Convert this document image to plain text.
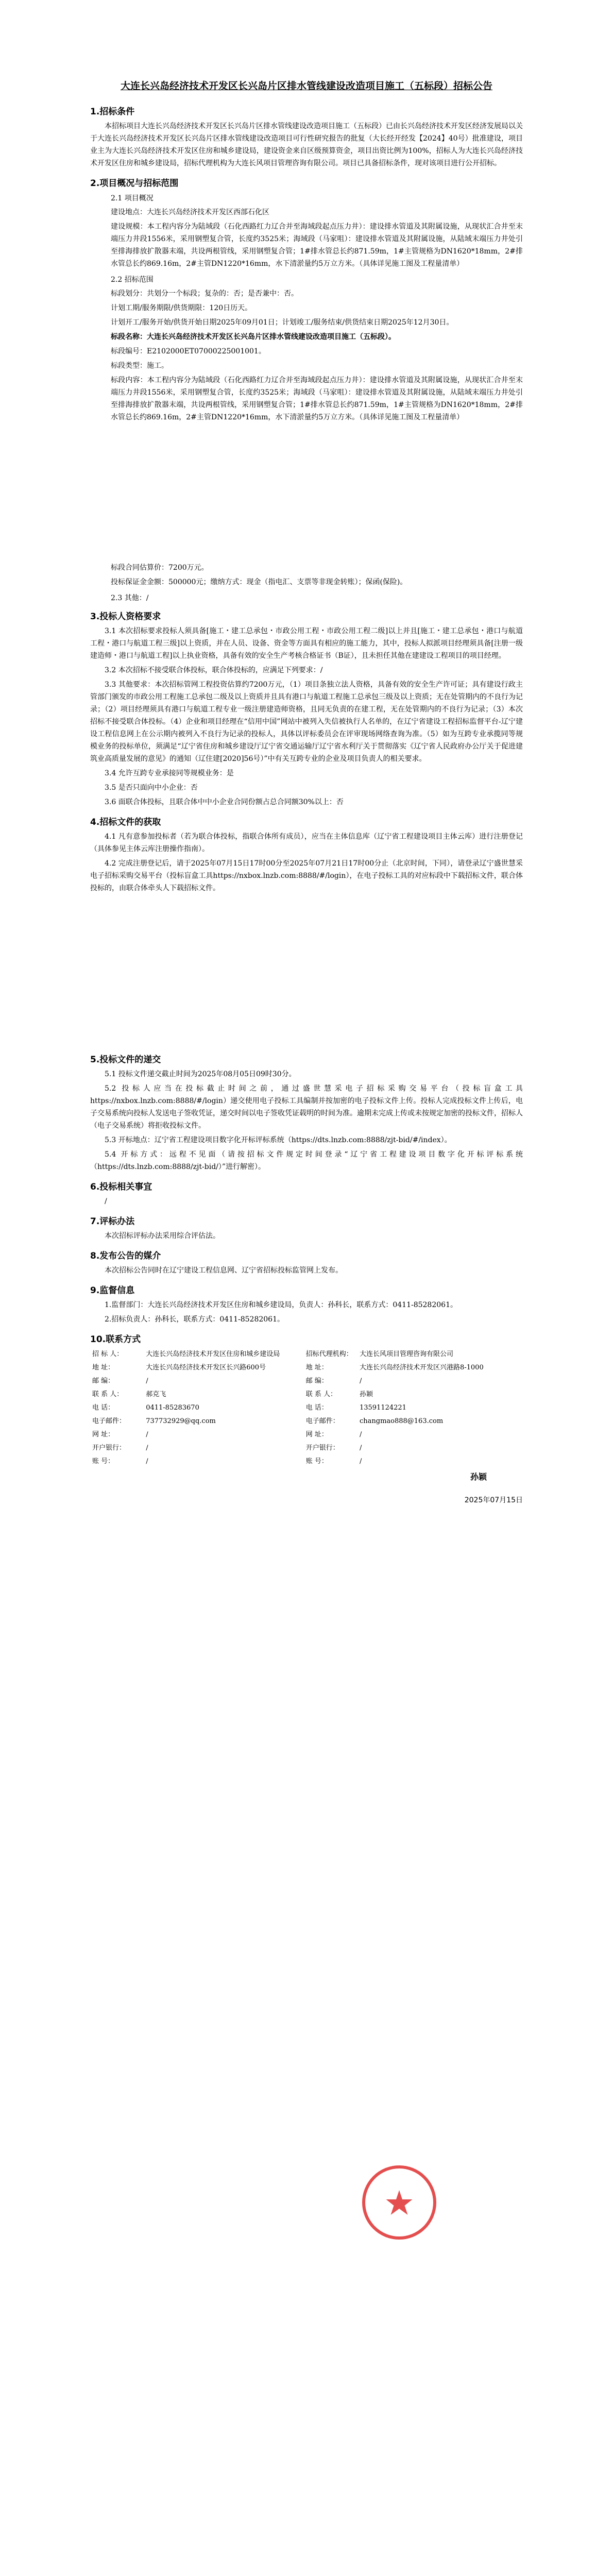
大连长兴岛经济技术开发区长兴岛片区排水管线建设改造项目施工（五标段）招标公告
1.招标条件

本招标项目大连长兴岛经济技术开发区长兴岛片区排水管线建设改造项目施工（五标段）已由长兴岛经济技术开发区经济发展局以关于大连长兴岛经济技术开发区长兴岛片区排水管线建设改造项目可行性研究报告的批复（大长经开经发【2024】40号）批准建设，项目业主为大连长兴岛经济技术开发区住房和城乡建设局，建设资金来自区级预算资金，项目出资比例为100%，招标人为大连长兴岛经济技术开发区住房和城乡建设局，招标代理机构为大连长风项目管理咨询有限公司。项目已具备招标条件，现对该项目进行公开招标。

2.项目概况与招标范围
2.1 项目概况

建设地点：大连长兴岛经济技术开发区西部石化区

建设规模：本工程内容分为陆域段（石化西路红力辽合并至海域段起点压力井）：建设排水管道及其附属设施，从现状汇合井至末端压力井段1556米，采用钢塑复合管，长度约3525米；海域段（马家咀）：建设排水管道及其附属设施，从陆域末端压力井处引至排海排放扩散器末端，共设两根管线，采用钢塑复合管；1#排水管总长约871.59m，1#主管规格为DN1620*18mm，2#排水管总长约869.16m，2#主管DN1220*16mm，水下清淤量约5万立方米。（具体详见施工图及工程量清单）

2.2 招标范围

标段划分：共划分一个标段；复杂的：否；是否兼中：否。

计划工期/服务期限/供货期限：120日历天。

计划开工/服务开始/供货开始日期2025年09月01日；计划竣工/服务结束/供货结束日期2025年12月30日。

标段名称：大连长兴岛经济技术开发区长兴岛片区排水管线建设改造项目施工（五标段）。

标段编号：E2102000ET07000225001001。

标段类型：施工。

标段内容：本工程内容分为陆域段（石化西路红力辽合并至海域段起点压力井）：建设排水管道及其附属设施，从现状汇合井至末端压力井段1556米，采用钢塑复合管，长度约3525米；海域段（马家咀）：建设排水管道及其附属设施，从陆域末端压力井处引至排海排放扩散器末端，共设两根管线，采用钢塑复合管；1#排水管总长约871.59m，1#主管规格为DN1620*18mm，2#排水管总长约869.16m，2#主管DN1220*16mm，水下清淤量约5万立方米。（具体详见施工图及工程量清单）

标段合同估算价：7200万元。

投标保证金金额：500000元；缴纳方式：现金（指电汇、支票等非现金转账）；保函(保险)。

2.3 其他：/
3.投标人资格要求

3.1 本次招标要求投标人须具备[施工・建工总承包・市政公用工程・市政公用工程二级]以上并且[施工・建工总承包・港口与航道工程・港口与航道工程三级]以上资质，并在人员、设备、资金等方面具有相应的施工能力，其中，投标人拟派项目经理须具备[注册一级建造师・港口与航道工程]以上执业资格，具备有效的安全生产考核合格证书（B证），且未担任其他在建建设工程项目的项目经理。

3.2 本次招标不接受联合体投标，联合体投标的，应满足下列要求：/

3.3 其他要求：本次招标管网工程投资估算约7200万元，（1）项目条独立法人资格，具备有效的安全生产许可证；具有建设行政主管部门颁发的市政公用工程施工总承包二级及以上资质并且具有港口与航道工程施工总承包三级及以上资质；无在处管期内的不良行为记录；（2）项目经理须具有港口与航道工程专业一级注册建造师资格，且同无负责的在建工程，无在处管期内的不良行为记录；（3）本次招标不接受联合体投标。（4）企业和项目经理在“信用中国”网站中被列入失信被执行人名单的，在辽宁省建设工程招标监督平台-辽宁建设工程信息网上在公示期内被列入不良行为记录的投标人，具体以评标委员会在评审现场网络查询为准。（5）如为互跨专业承揽同等规模业务的投标单位，须满足“辽宁省住房和城乡建设厅辽宁省交通运输厅辽宁省水利厅关于贯彻落实《辽宁省人民政府办公厅关于促进建筑业高质量发展的意见》的通知（辽住建[2020]56号）”中有关互跨专业的企业及项目负责人的相关要求。

3.4 允许互跨专业承接同等规模业务：是

3.5 是否只面向中小企业：否

3.6 面联合体投标，且联合体中中小企业合同份额占总合同额30%以上：否

4.招标文件的获取

4.1 凡有意参加投标者（若为联合体投标，指联合体所有成员），应当在主体信息库（辽宁省工程建设项目主体云库）进行注册登记（具体参见主体云库注册操作指南）。

4.2 完成注册登记后，请于2025年07月15日17时00分至2025年07月21日17时00分止（北京时间，下同），请登录辽宁盛世慧采电子招标采购交易平台（投标盲盒工具https://nxbox.lnzb.com:8888/#/login），在电子投标工具的对应标段中下载招标文件，联合体投标的，由联合体牵头人下载招标文件。

5.投标文件的递交

5.1 投标文件递交截止时间为2025年08月05日09时30分。

5.2 投标人应当在投标截止时间之前，通过盛世慧采电子招标采购交易平台（投标盲盒工具https://nxbox.lnzb.com:8888/#/login）递交使用电子投标工具编制并按加密的电子投标文件上传。投标人完成投标文件上传后，电子交易系统向投标人发送电子签收凭证，递交时间以电子签收凭证载明的时间为准。逾期未完成上传或未按规定加密的投标文件，招标人（电子交易系统）将拒收投标文件。

5.3 开标地点：辽宁省工程建设项目数字化开标评标系统（https://dts.lnzb.com:8888/zjt-bid/#/index）。

5.4 开标方式：远程不见面（请按招标文件规定时间登录“辽宁省工程建设项目数字化开标评标系统（https://dts.lnzb.com:8888/zjt-bid/）”进行解密）。

6.投标相关事宜

/

7.评标办法

本次招标评标办法采用综合评估法。

8.发布公告的媒介

本次招标公告同时在辽宁建设工程信息网、辽宁省招标投标监管网上发布。

9.监督信息

1.监督部门：大连长兴岛经济技术开发区住房和城乡建设局，负责人：孙科长，联系方式：0411-85282061。

2.招标负责人：孙科长，联系方式：0411-85282061。

10.联系方式
招 标 人：	大连长兴岛经济技术开发区住房和城乡建设局	招标代理机构：	大连长风项目管理咨询有限公司
地 址：	大连长兴岛经济技术开发区长兴路600号	地 址：	大连长兴岛经济技术开发区兴港路8-1000
邮 编：	/	邮 编：	/
联 系 人：	郝克飞	联 系 人：	孙颖
电 话：	0411-85283670	电 话：	13591124221
电子邮件：	737732929@qq.com	电子邮件：	changmao888@163.com
网 址：	/	网 址：	/
开户银行：	/	开户银行：	/
账 号：	/	账 号：	/
孙颖
2025年07月15日
